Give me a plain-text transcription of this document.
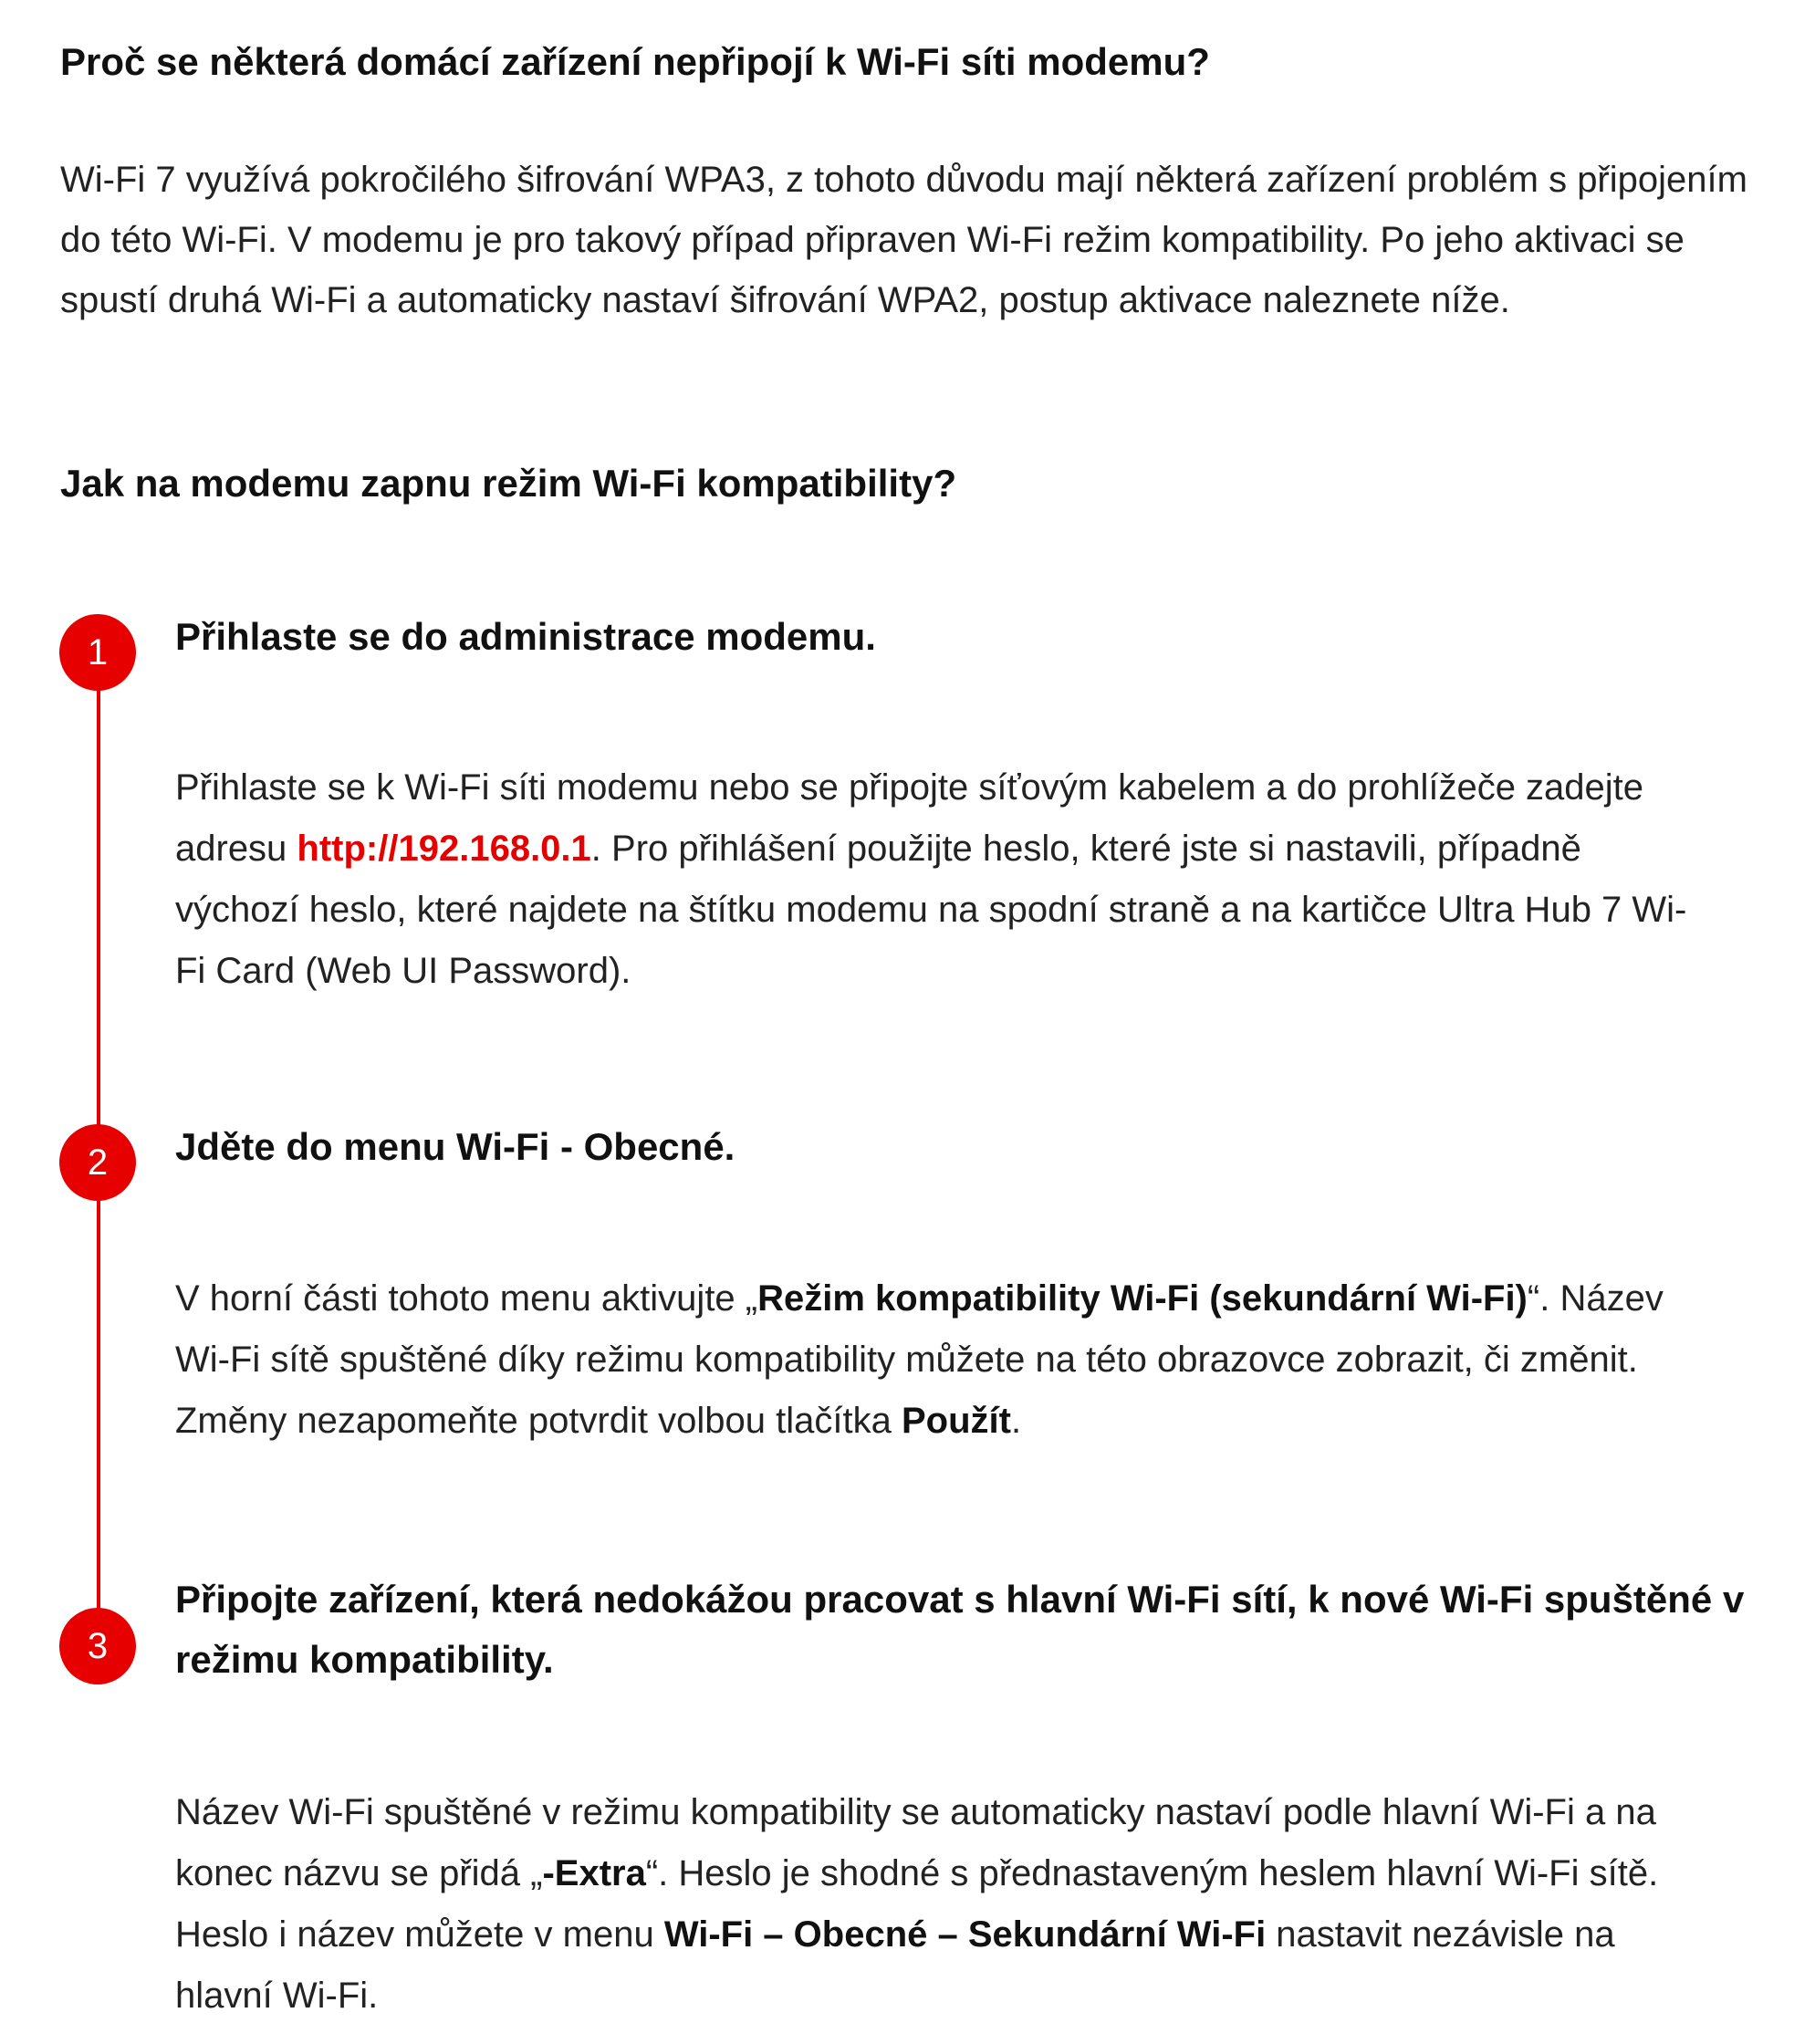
Proč se některá domácí zařízení nepřipojí k Wi-Fi síti modemu?

Wi-Fi 7 využívá pokročilého šifrování WPA3, z tohoto důvodu mají některá zařízení problém s připojením do této Wi-Fi. V modemu je pro takový případ připraven Wi-Fi režim kompatibility. Po jeho aktivaci se spustí druhá Wi-Fi a automaticky nastaví šifrování WPA2, postup aktivace naleznete níže.

Jak na modemu zapnu režim Wi-Fi kompatibility?
1	Přihlaste se do administrace modemu.

Přihlaste se k Wi-Fi síti modemu nebo se připojte síťovým kabelem a do prohlížeče zadejte adresu http://192.168.0.1. Pro přihlášení použijte heslo, které jste si nastavili, případně výchozí heslo, které najdete na štítku modemu na spodní straně a na kartičce Ultra Hub 7 Wi-Fi Card (Web UI Password).

2	Jděte do menu Wi-Fi - Obecné.

V horní části tohoto menu aktivujte „Režim kompatibility Wi-Fi (sekundární Wi-Fi)“. Název Wi-Fi sítě spuštěné díky režimu kompatibility můžete na této obrazovce zobrazit, či změnit. Změny nezapomeňte potvrdit volbou tlačítka Použít.

3

Připojte zařízení, která nedokážou pracovat s hlavní Wi-Fi sítí, k nové Wi-Fi spuštěné v režimu kompatibility.

Název Wi-Fi spuštěné v režimu kompatibility se automaticky nastaví podle hlavní Wi-Fi a na konec názvu se přidá „-Extra“. Heslo je shodné s přednastaveným heslem hlavní Wi-Fi sítě. Heslo i název můžete v menu Wi-Fi – Obecné – Sekundární Wi-Fi nastavit nezávisle na hlavní Wi-Fi.
